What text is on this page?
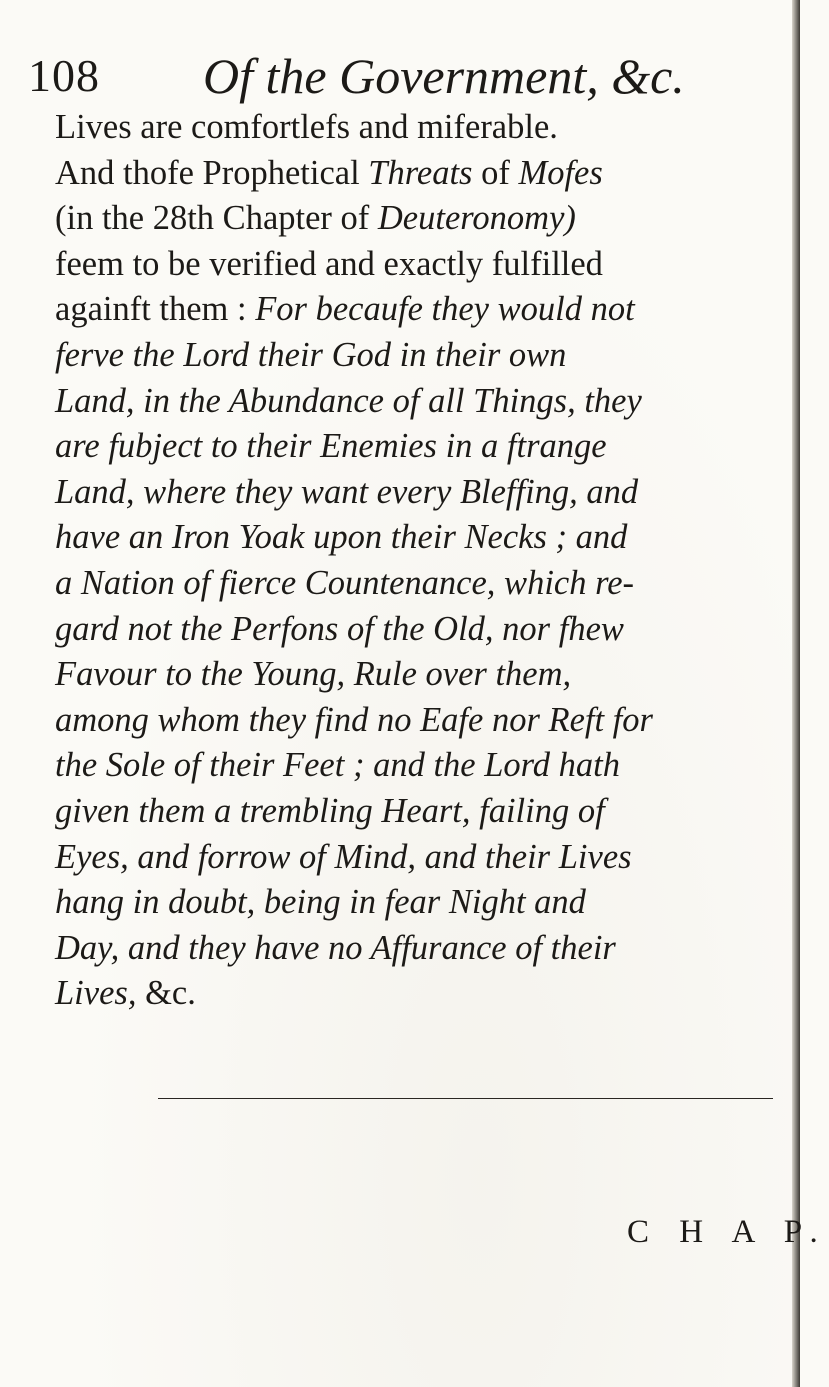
108 Of the Government, &c.
Lives are comfortlefs and miferable.
And thofe Prophetical Threats of Mofes
(in the 28th Chapter of Deuteronomy)
feem to be verified and exactly fulfilled
againft them : For becaufe they would not
ferve the Lord their God in their own
Land, in the Abundance of all Things, they
are fubject to their Enemies in a ftrange
Land, where they want every Bleffing, and
have an Iron Yoak upon their Necks ; and
a Nation of fierce Countenance, which re-
gard not the Perfons of the Old, nor fhew
Favour to the Young, Rule over them,
among whom they find no Eafe nor Reft for
the Sole of their Feet ; and the Lord hath
given them a trembling Heart, failing of
Eyes, and forrow of Mind, and their Lives
hang in doubt, being in fear Night and
Day, and they have no Affurance of their
Lives, &c.
C H A P.
